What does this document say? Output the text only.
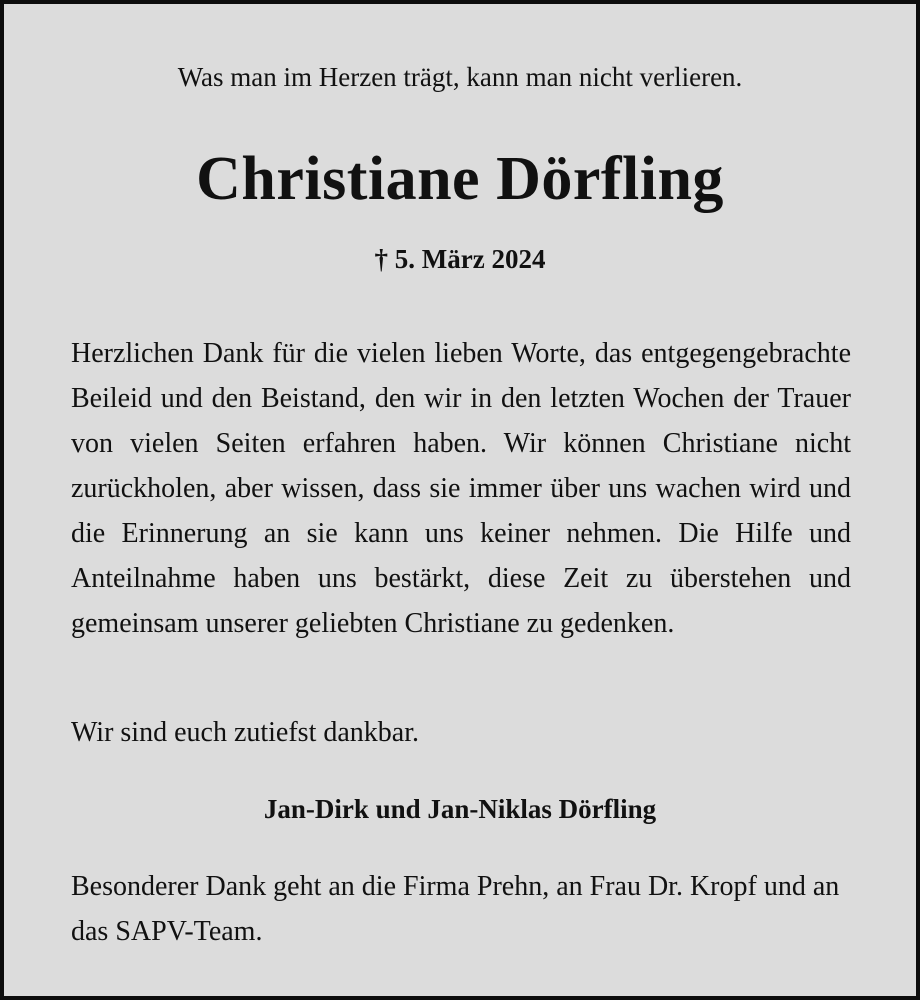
Was man im Herzen trägt, kann man nicht verlieren.
Christiane Dörfling
† 5. März 2024
Herzlichen Dank für die vielen lieben Worte, das entgegengebrachte Beileid und den Beistand, den wir in den letzten Wochen der Trauer von vielen Seiten erfahren haben. Wir können Christiane nicht zurückholen, aber wissen, dass sie immer über uns wachen wird und die Erinnerung an sie kann uns keiner nehmen. Die Hilfe und Anteilnahme haben uns bestärkt, diese Zeit zu überstehen und gemeinsam unserer geliebten Christiane zu gedenken.
Wir sind euch zutiefst dankbar.
Jan-Dirk und Jan-Niklas Dörfling
Besonderer Dank geht an die Firma Prehn, an Frau Dr. Kropf und an das SAPV-Team.
